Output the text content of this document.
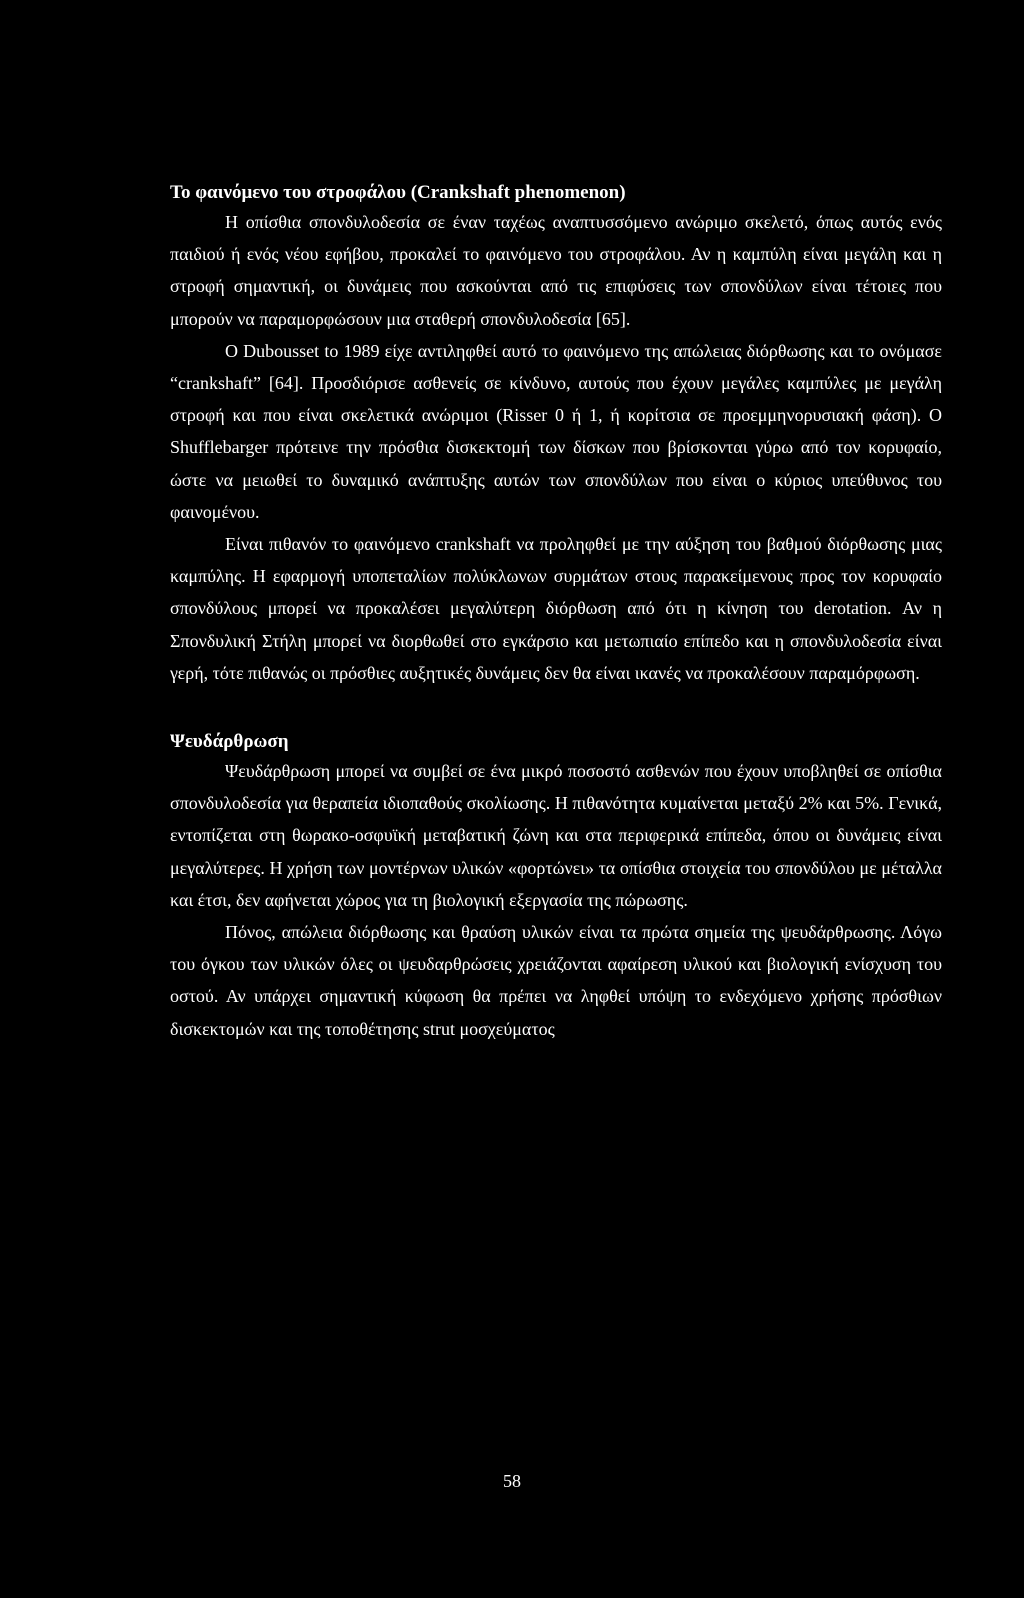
Το φαινόμενο του στροφάλου (Crankshaft phenomenon)

Η οπίσθια σπονδυλοδεσία σε έναν ταχέως αναπτυσσόμενο ανώριμο σκελετό, όπως αυτός ενός παιδιού ή ενός νέου εφήβου, προκαλεί το φαινόμενο του στροφάλου. Αν η καμπύλη είναι μεγάλη και η στροφή σημαντική, οι δυνάμεις που ασκούνται από τις επιφύσεις των σπονδύλων είναι τέτοιες που μπορούν να παραμορφώσουν μια σταθερή σπονδυλοδεσία [65].

Ο Dubousset to 1989 είχε αντιληφθεί αυτό το φαινόμενο της απώλειας διόρθωσης και το ονόμασε “crankshaft” [64]. Προσδιόρισε ασθενείς σε κίνδυνο, αυτούς που έχουν μεγάλες καμπύλες με μεγάλη στροφή και που είναι σκελετικά ανώριμοι (Risser 0 ή 1, ή κορίτσια σε προεμμηνορυσιακή φάση). Ο Shufflebarger πρότεινε την πρόσθια δισκεκτομή των δίσκων που βρίσκονται γύρω από τον κορυφαίο, ώστε να μειωθεί το δυναμικό ανάπτυξης αυτών των σπονδύλων που είναι ο κύριος υπεύθυνος του φαινομένου.

Είναι πιθανόν το φαινόμενο crankshaft να προληφθεί με την αύξηση του βαθμού διόρθωσης μιας καμπύλης. Η εφαρμογή υποπεταλίων πολύκλωνων συρμάτων στους παρακείμενους προς τον κορυφαίο σπονδύλους μπορεί να προκαλέσει μεγαλύτερη διόρθωση από ότι η κίνηση του derotation. Αν η Σπονδυλική Στήλη μπορεί να διορθωθεί στο εγκάρσιο και μετωπιαίο επίπεδο και η σπονδυλοδεσία είναι γερή, τότε πιθανώς οι πρόσθιες αυξητικές δυνάμεις δεν θα είναι ικανές να προκαλέσουν παραμόρφωση.

Ψευδάρθρωση

Ψευδάρθρωση μπορεί να συμβεί σε ένα μικρό ποσοστό ασθενών που έχουν υποβληθεί σε οπίσθια σπονδυλοδεσία για θεραπεία ιδιοπαθούς σκολίωσης. Η πιθανότητα κυμαίνεται μεταξύ 2% και 5%. Γενικά, εντοπίζεται στη θωρακο-οσφυϊκή μεταβατική ζώνη και στα περιφερικά επίπεδα, όπου οι δυνάμεις είναι μεγαλύτερες. Η χρήση των μοντέρνων υλικών «φορτώνει» τα οπίσθια στοιχεία του σπονδύλου με μέταλλα και έτσι, δεν αφήνεται χώρος για τη βιολογική εξεργασία της πώρωσης.

Πόνος, απώλεια διόρθωσης και θραύση υλικών είναι τα πρώτα σημεία της ψευδάρθρωσης. Λόγω του όγκου των υλικών όλες οι ψευδαρθρώσεις χρειάζονται αφαίρεση υλικού και βιολογική ενίσχυση του οστού. Αν υπάρχει σημαντική κύφωση θα πρέπει να ληφθεί υπόψη το ενδεχόμενο χρήσης πρόσθιων δισκεκτομών και της τοποθέτησης strut μοσχεύματος

58
